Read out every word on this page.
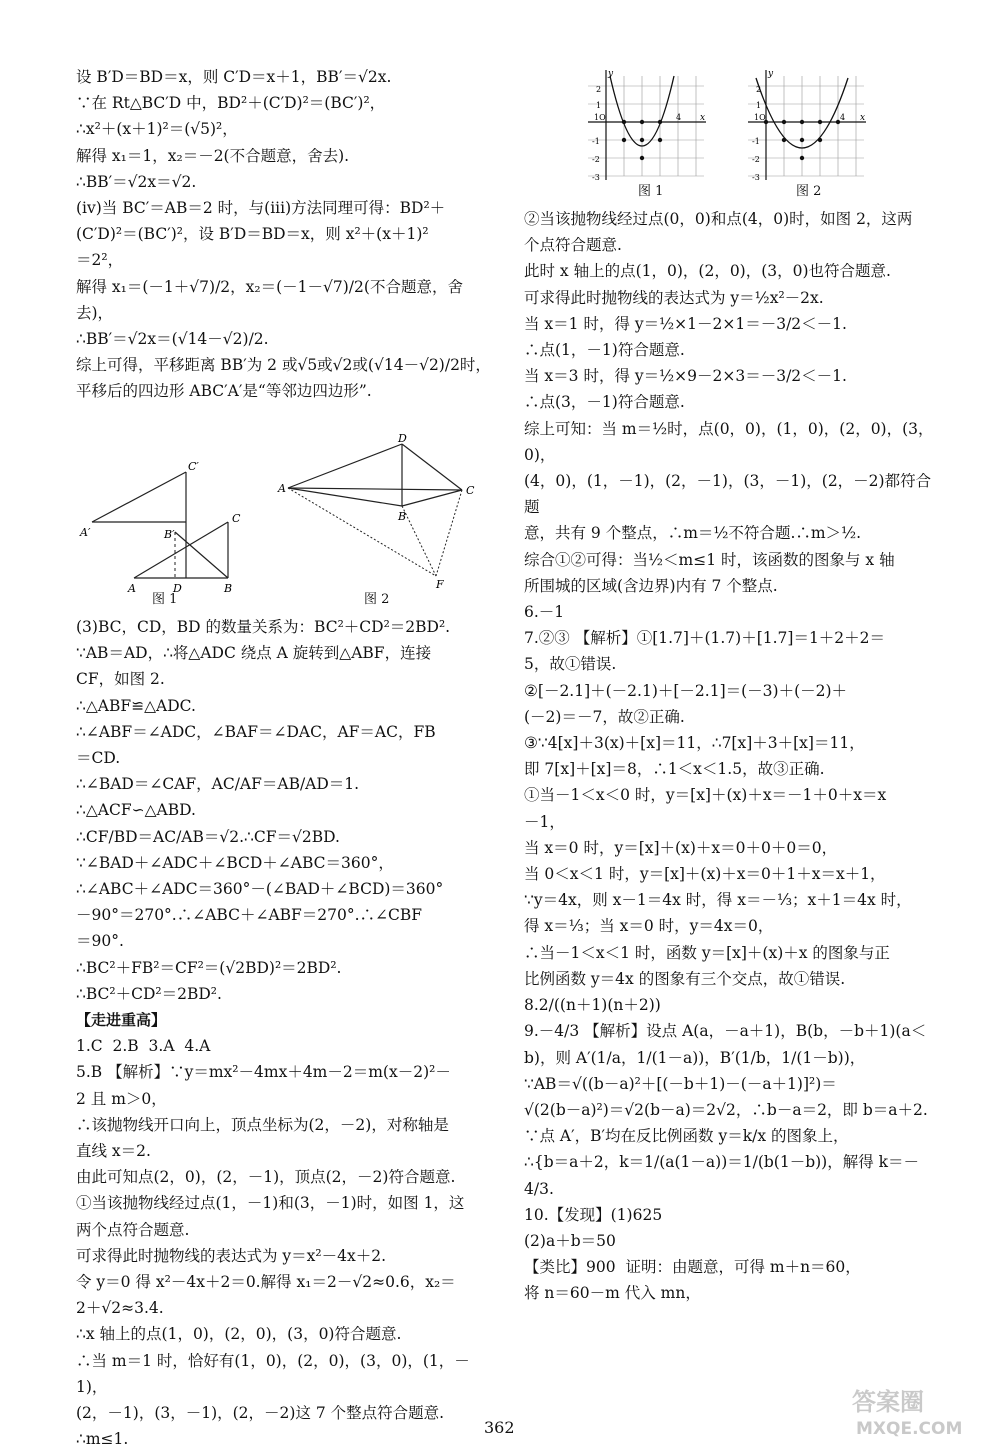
设 B′D＝BD＝x，则 C′D＝x＋1，BB′＝√2x.

∵在 Rt△BC′D 中，BD²＋(C′D)²＝(BC′)²，

∴x²＋(x＋1)²＝(√5)²，

解得 x₁＝1，x₂＝－2(不合题意，舍去).

∴BB′＝√2x＝√2.

(iv)当 BC′＝AB＝2 时，与(iii)方法同理可得：BD²＋

(C′D)²＝(BC′)²，设 B′D＝BD＝x，则 x²＋(x＋1)²

＝2²，

解得 x₁＝(－1＋√7)/2，x₂＝(－1－√7)/2(不合题意，舍去)，

∴BB′＝√2x＝(√14－√2)/2.

综上可得，平移距离 BB′为 2 或√5或√2或(√14－√2)/2时，

平移后的四边形 ABC′A′是“等邻边四边形”.

C′
A′	B′
C
A	D	B
图 1
D
A	C
B
F
图 2

(3)BC，CD，BD 的数量关系为：BC²＋CD²＝2BD².

∵AB＝AD，∴将△ADC 绕点 A 旋转到△ABF，连接

CF，如图 2.

∴△ABF≌△ADC.

∴∠ABF＝∠ADC，∠BAF＝∠DAC，AF＝AC，FB

＝CD.

∴∠BAD＝∠CAF，AC/AF＝AB/AD＝1.

∴△ACF∽△ABD.

∴CF/BD＝AC/AB＝√2.∴CF＝√2BD.

∵∠BAD＋∠ADC＋∠BCD＋∠ABC＝360°，

∴∠ABC＋∠ADC＝360°－(∠BAD＋∠BCD)＝360°

－90°＝270°.∴∠ABC＋∠ABF＝270°.∴∠CBF

＝90°.

∴BC²＋FB²＝CF²＝(√2BD)²＝2BD².

∴BC²＋CD²＝2BD².

【走进重高】

1.C  2.B  3.A  4.A

5.B 【解析】∵y＝mx²－4mx＋4m－2＝m(x－2)²－

2 且 m＞0，

∴该抛物线开口向上，顶点坐标为(2，－2)，对称轴是

直线 x＝2.

由此可知点(2，0)，(2，－1)，顶点(2，－2)符合题意.

①当该抛物线经过点(1，－1)和(3，－1)时，如图 1，这

两个点符合题意.

可求得此时抛物线的表达式为 y＝x²－4x＋2.

令 y＝0 得 x²－4x＋2＝0.解得 x₁＝2－√2≈0.6，x₂＝

2＋√2≈3.4.

∴x 轴上的点(1，0)，(2，0)，(3，0)符合题意.

∴当 m＝1 时，恰好有(1，0)，(2，0)，(3，0)，(1，－1)，

(2，－1)，(3，－1)，(2，－2)这 7 个整点符合题意.

∴m≤1.

x
y
1O
2
1
-1
-2
-3
4
图 1
x
y
1O
2
1
-1
-2
-3
4
图 2

②当该抛物线经过点(0，0)和点(4，0)时，如图 2，这两

个点符合题意.

此时 x 轴上的点(1，0)，(2，0)，(3，0)也符合题意.

可求得此时抛物线的表达式为 y＝½x²－2x.

当 x＝1 时，得 y＝½×1－2×1＝－3/2＜－1.

∴点(1，－1)符合题意.

当 x＝3 时，得 y＝½×9－2×3＝－3/2＜－1.

∴点(3，－1)符合题意.

综上可知：当 m＝½时，点(0，0)，(1，0)，(2，0)，(3，0)，

(4，0)，(1，－1)，(2，－1)，(3，－1)，(2，－2)都符合题

意，共有 9 个整点，∴m＝½不符合题.∴m＞½.

综合①②可得：当½＜m≤1 时，该函数的图象与 x 轴

所围城的区域(含边界)内有 7 个整点.

6.－1

7.②③ 【解析】①[1.7]＋(1.7)＋[1.7]＝1＋2＋2＝

5，故①错误.

②[－2.1]＋(－2.1)＋[－2.1]＝(－3)＋(－2)＋

(－2)＝－7，故②正确.

③∵4[x]＋3(x)＋[x]＝11，∴7[x]＋3＋[x]＝11，

即 7[x]＋[x]＝8，∴1＜x＜1.5，故③正确.

①当－1＜x＜0 时，y＝[x]＋(x)＋x＝－1＋0＋x＝x

－1，

当 x＝0 时，y＝[x]＋(x)＋x＝0＋0＋0＝0，

当 0＜x＜1 时，y＝[x]＋(x)＋x＝0＋1＋x＝x＋1，

∵y＝4x，则 x－1＝4x 时，得 x＝－⅓；x＋1＝4x 时，

得 x＝⅓；当 x＝0 时，y＝4x＝0，

∴当－1＜x＜1 时，函数 y＝[x]＋(x)＋x 的图象与正

比例函数 y＝4x 的图象有三个交点，故①错误.

8.2/((n＋1)(n＋2))

9.－4/3 【解析】设点 A(a，－a＋1)，B(b，－b＋1)(a＜

b)，则 A′(1/a，1/(1－a))，B′(1/b，1/(1－b))，

∵AB＝√((b－a)²＋[(－b＋1)－(－a＋1)]²)＝

√(2(b－a)²)＝√2(b－a)＝2√2，∴b－a＝2，即 b＝a＋2.

∵点 A′，B′均在反比例函数 y＝k/x 的图象上，

∴{b＝a＋2，k＝1/(a(1－a))＝1/(b(1－b))，解得 k＝－4/3.

10.【发现】(1)625

(2)a＋b＝50

【类比】900  证明：由题意，可得 m＋n＝60，

将 n＝60－m 代入 mn，

362
答案圈
MXQE.COM
